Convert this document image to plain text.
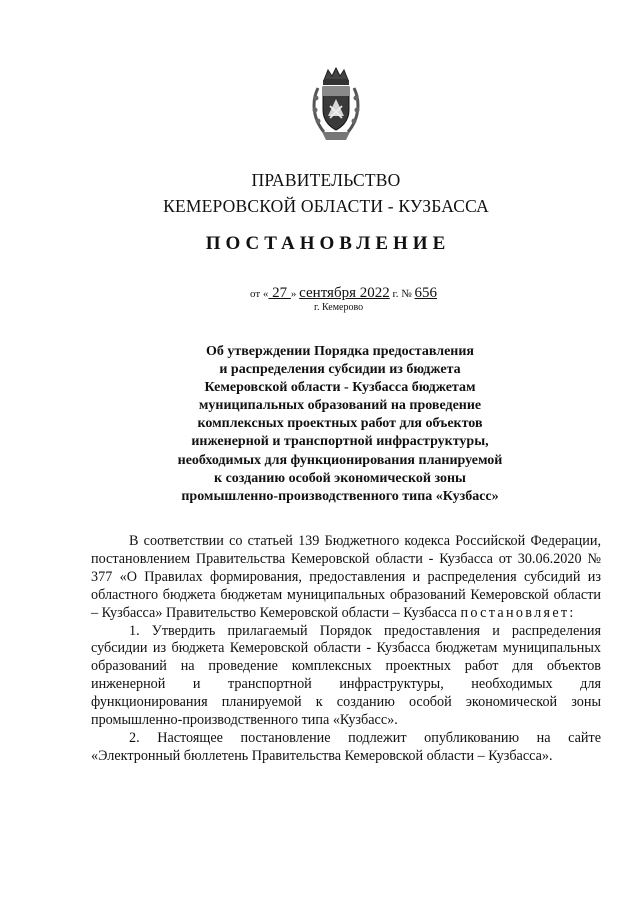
ПРАВИТЕЛЬСТВО
КЕМЕРОВСКОЙ ОБЛАСТИ - КУЗБАССА
ПОСТАНОВЛЕНИЕ
от « 27 » сентября 2022 г. № 656
г. Кемерово
Об утверждении Порядка предоставления
и распределения субсидии из бюджета
Кемеровской области - Кузбасса бюджетам
муниципальных образований на проведение
комплексных проектных работ для объектов
инженерной и транспортной инфраструктуры,
необходимых для функционирования планируемой
к созданию особой экономической зоны
промышленно-производственного типа «Кузбасс»

В соответствии со статьей 139 Бюджетного кодекса Российской Федерации, постановлением Правительства Кемеровской области - Кузбасса от 30.06.2020 № 377 «О Правилах формирования, предоставления и распределения субсидий из областного бюджета бюджетам муниципальных образований Кемеровской области – Кузбасса» Правительство Кемеровской области – Кузбасса постановляет:

1. Утвердить прилагаемый Порядок предоставления и распределения субсидии из бюджета Кемеровской области - Кузбасса бюджетам муниципальных образований на проведение комплексных проектных работ для объектов инженерной и транспортной инфраструктуры, необходимых для функционирования планируемой к созданию особой экономической зоны промышленно-производственного типа «Кузбасс».

2. Настоящее постановление подлежит опубликованию на сайте «Электронный бюллетень Правительства Кемеровской области – Кузбасса».
